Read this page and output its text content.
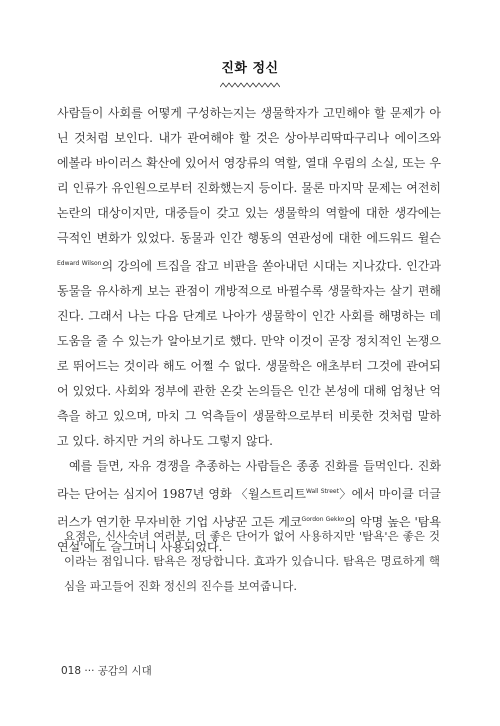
진화 정신

사람들이 사회를 어떻게 구성하는지는 생물학자가 고민해야 할 문제가 아닌 것처럼 보인다. 내가 관여해야 할 것은 상아부리딱따구리나 에이즈와 에볼라 바이러스 확산에 있어서 영장류의 역할, 열대 우림의 소실, 또는 우리 인류가 유인원으로부터 진화했는지 등이다. 물론 마지막 문제는 여전히 논란의 대상이지만, 대중들이 갖고 있는 생물학의 역할에 대한 생각에는 극적인 변화가 있었다. 동물과 인간 행동의 연관성에 대한 에드워드 윌슨$^{Edward Wilson}$의 강의에 트집을 잡고 비판을 쏟아내던 시대는 지나갔다. 인간과 동물을 유사하게 보는 관점이 개방적으로 바뀔수록 생물학자는 살기 편해진다. 그래서 나는 다음 단계로 나아가 생물학이 인간 사회를 해명하는 데 도움을 줄 수 있는가 알아보기로 했다. 만약 이것이 곧장 정치적인 논쟁으로 뛰어드는 것이라 해도 어쩔 수 없다. 생물학은 애초부터 그것에 관여되어 있었다. 사회와 정부에 관한 온갖 논의들은 인간 본성에 대해 엄청난 억측을 하고 있으며, 마치 그 억측들이 생물학으로부터 비롯한 것처럼 말하고 있다. 하지만 거의 하나도 그렇지 않다.

예를 들면, 자유 경쟁을 추종하는 사람들은 종종 진화를 들먹인다. 진화라는 단어는 심지어 1987년 영화 〈월스트리트$^{Wall Street}$〉에서 마이클 더글러스가 연기한 무자비한 기업 사냥꾼 고든 게코$^{Gordon Gekko}$의 악명 높은 '탐욕 연설'에도 슬그머니 사용되었다.

요점은, 신사숙녀 여러분, 더 좋은 단어가 없어 사용하지만 '탐욕'은 좋은 것이라는 점입니다. 탐욕은 정당합니다. 효과가 있습니다. 탐욕은 명료하게 핵심을 파고들어 진화 정신의 진수를 보여줍니다.

018 ··· 공감의 시대
